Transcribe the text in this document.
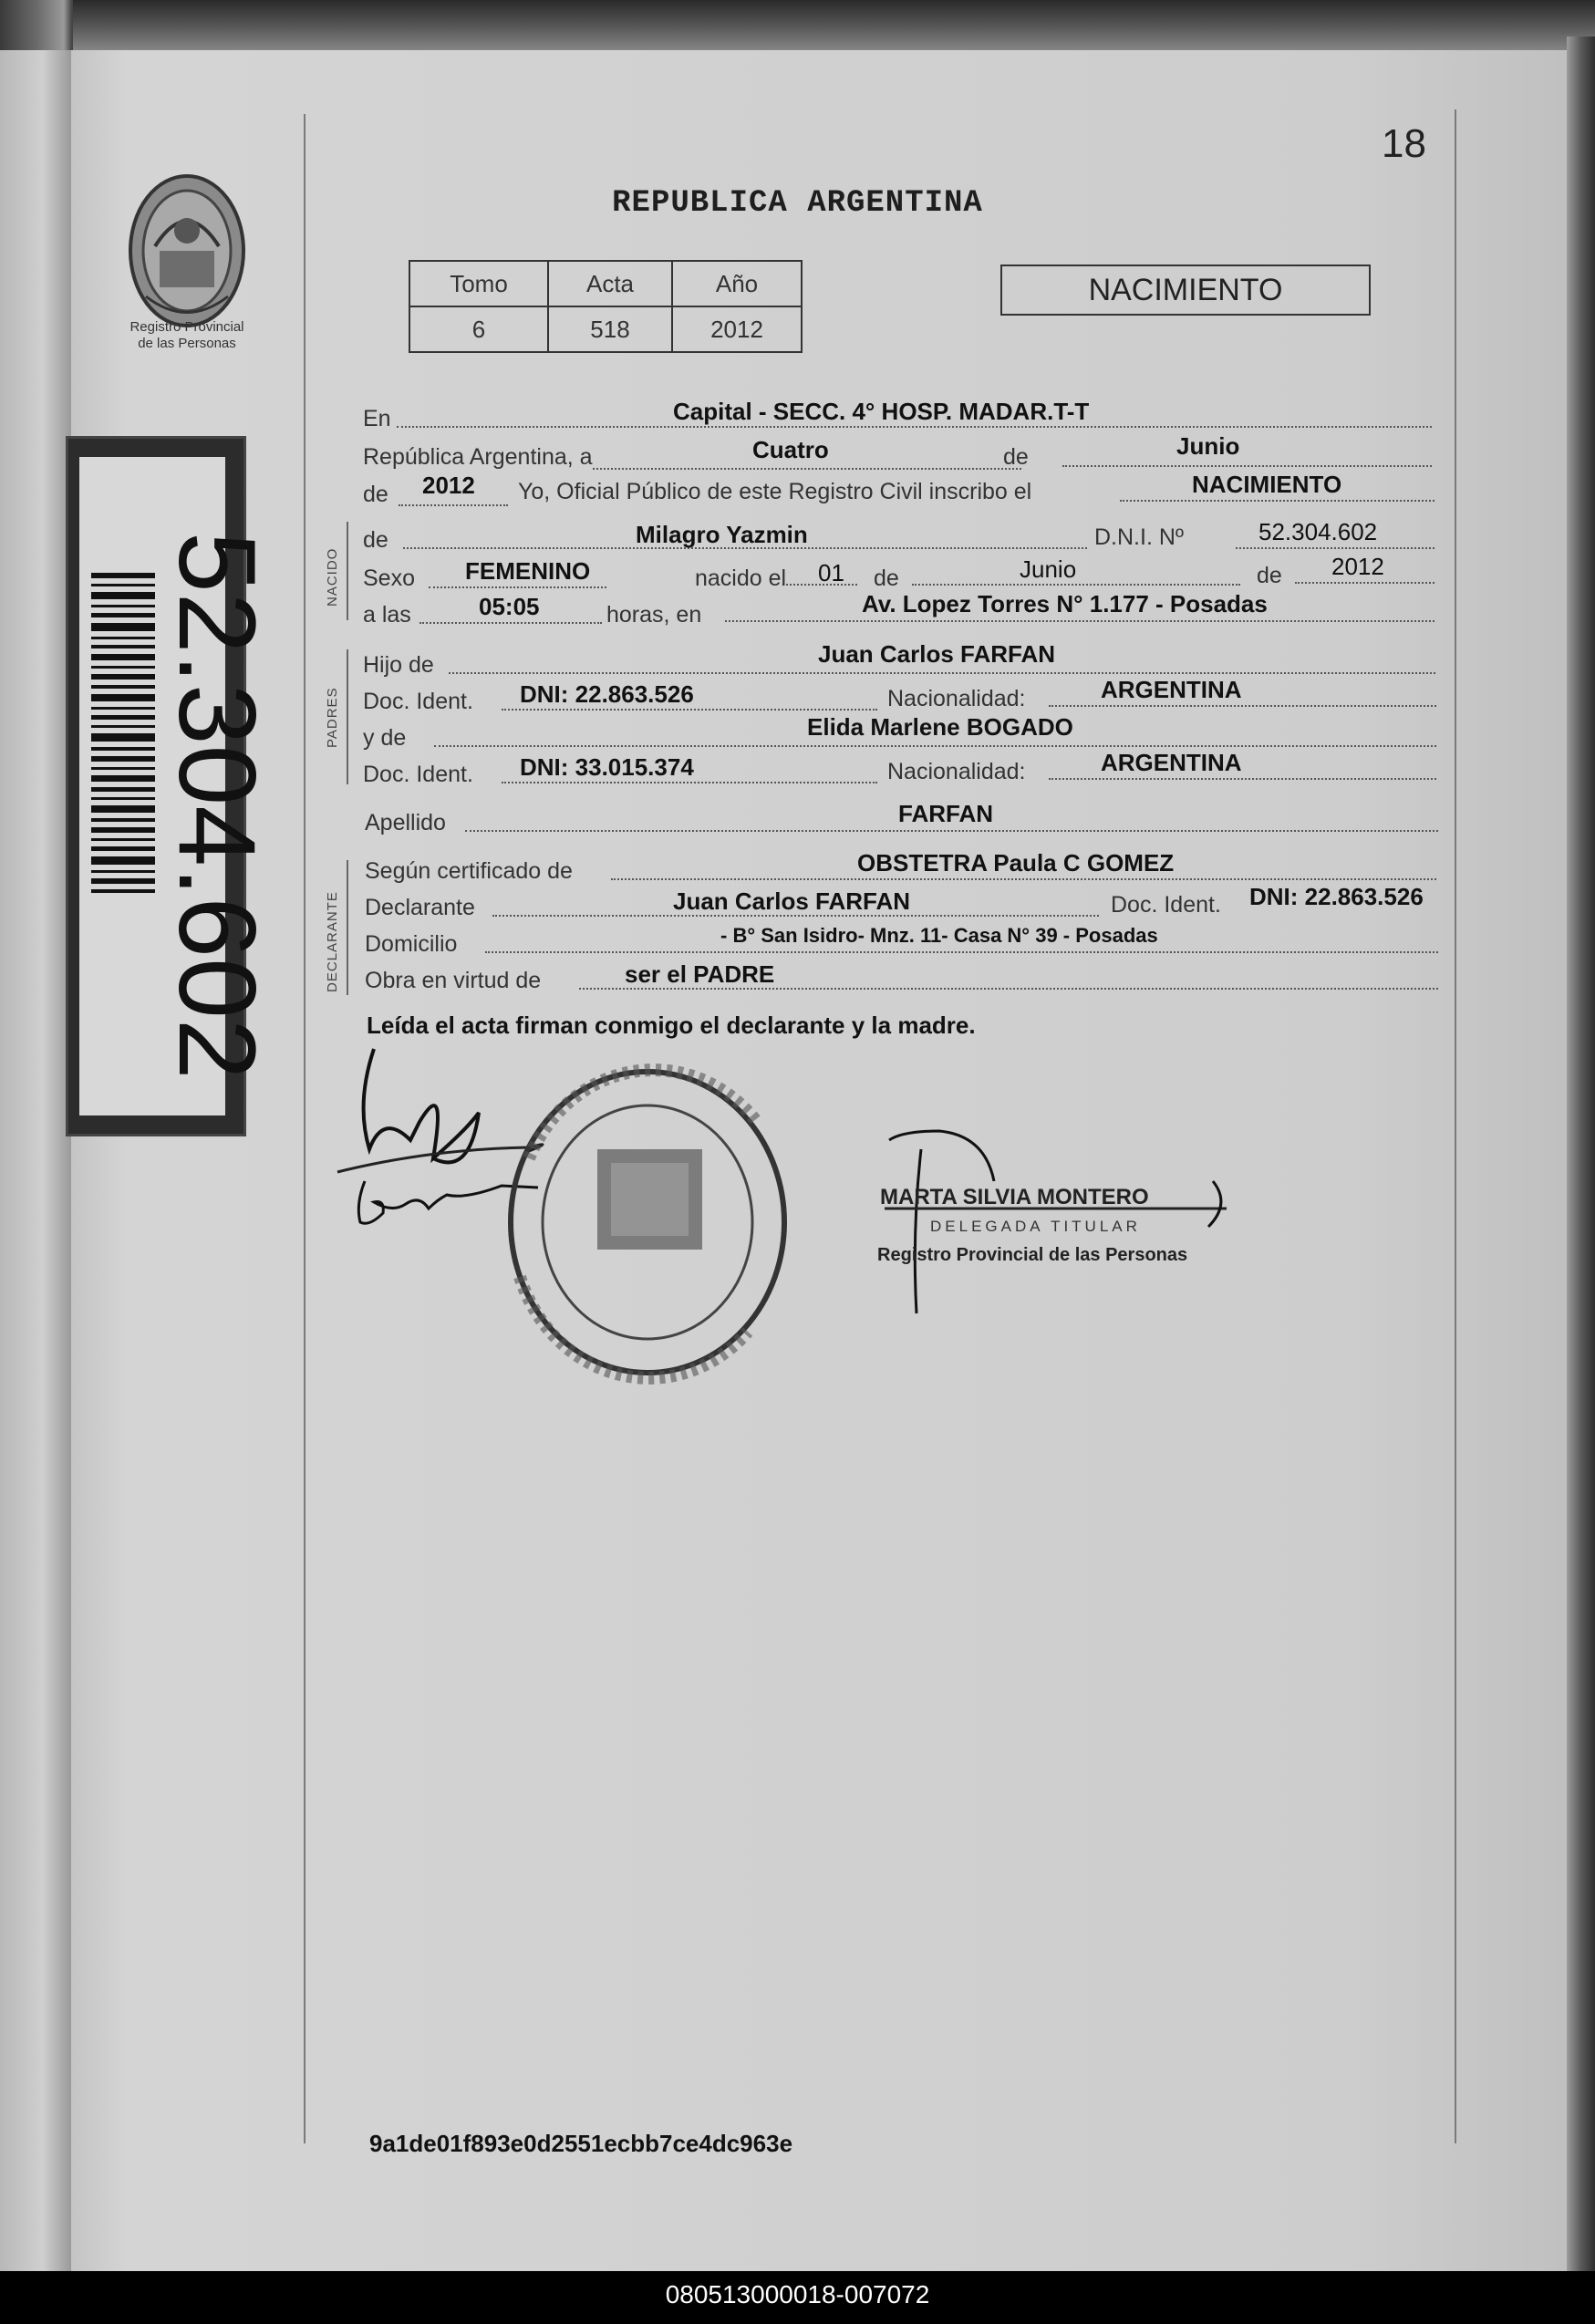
Registro Provincial
de las Personas
52.304.602
18
REPUBLICA ARGENTINA
Tomo	Acta	Año
6	518	2012
NACIMIENTO
En	Capital - SECC. 4° HOSP. MADAR.T-T
República Argentina, a	Cuatro	de	Junio
de 2012 Yo, Oficial Público de este Registro Civil inscribo el	NACIMIENTO
NACIDO
de	Milagro Yazmin	D.N.I. Nº	52.304.602
Sexo FEMENINO	nacido el 01 de	Junio	de 2012
a las	05:05	horas, en	Av. Lopez Torres N° 1.177 - Posadas
PADRES
Hijo de	Juan Carlos FARFAN
Doc. Ident. DNI: 22.863.526	Nacionalidad:	ARGENTINA
y de	Elida Marlene BOGADO
Doc. Ident. DNI: 33.015.374	Nacionalidad:	ARGENTINA
Apellido	FARFAN
DECLARANTE
Según certificado de	OBSTETRA Paula C GOMEZ
Declarante	Juan Carlos FARFAN	Doc. Ident. DNI: 22.863.526
Domicilio	- B° San Isidro- Mnz. 11- Casa N° 39 - Posadas
Obra en virtud de	ser el PADRE
Leída el acta firman conmigo el declarante y la madre.
MARTA SILVIA MONTERO
DELEGADA TITULAR
Registro Provincial de las Personas
9a1de01f893e0d2551ecbb7ce4dc963e
080513000018-007072
